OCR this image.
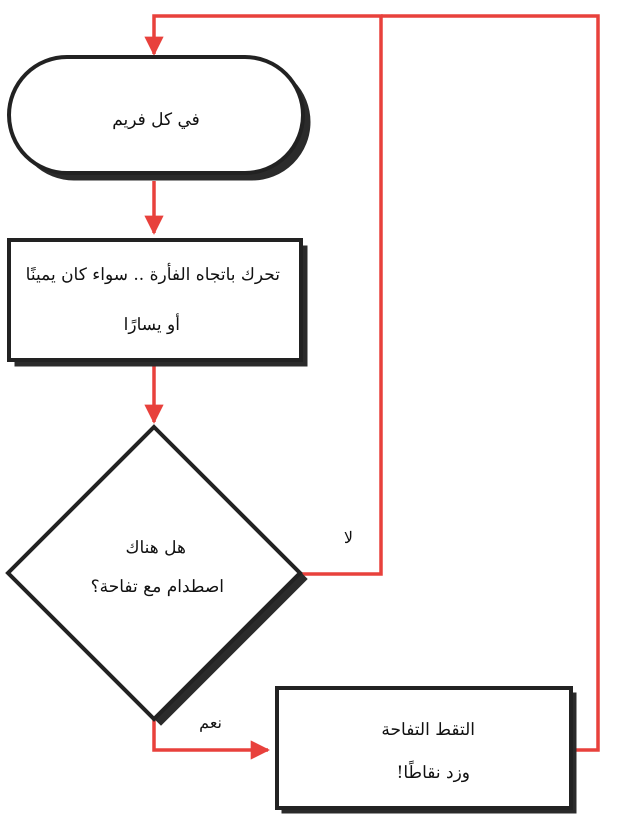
في كل فريم
تحرك باتجاه الفأرة .. سواء كان يمينًا
أو يسارًا
هل هناك
اصطدام مع تفاحة؟
التقط التفاحة
وزد نقاطًا!
لا
نعم
